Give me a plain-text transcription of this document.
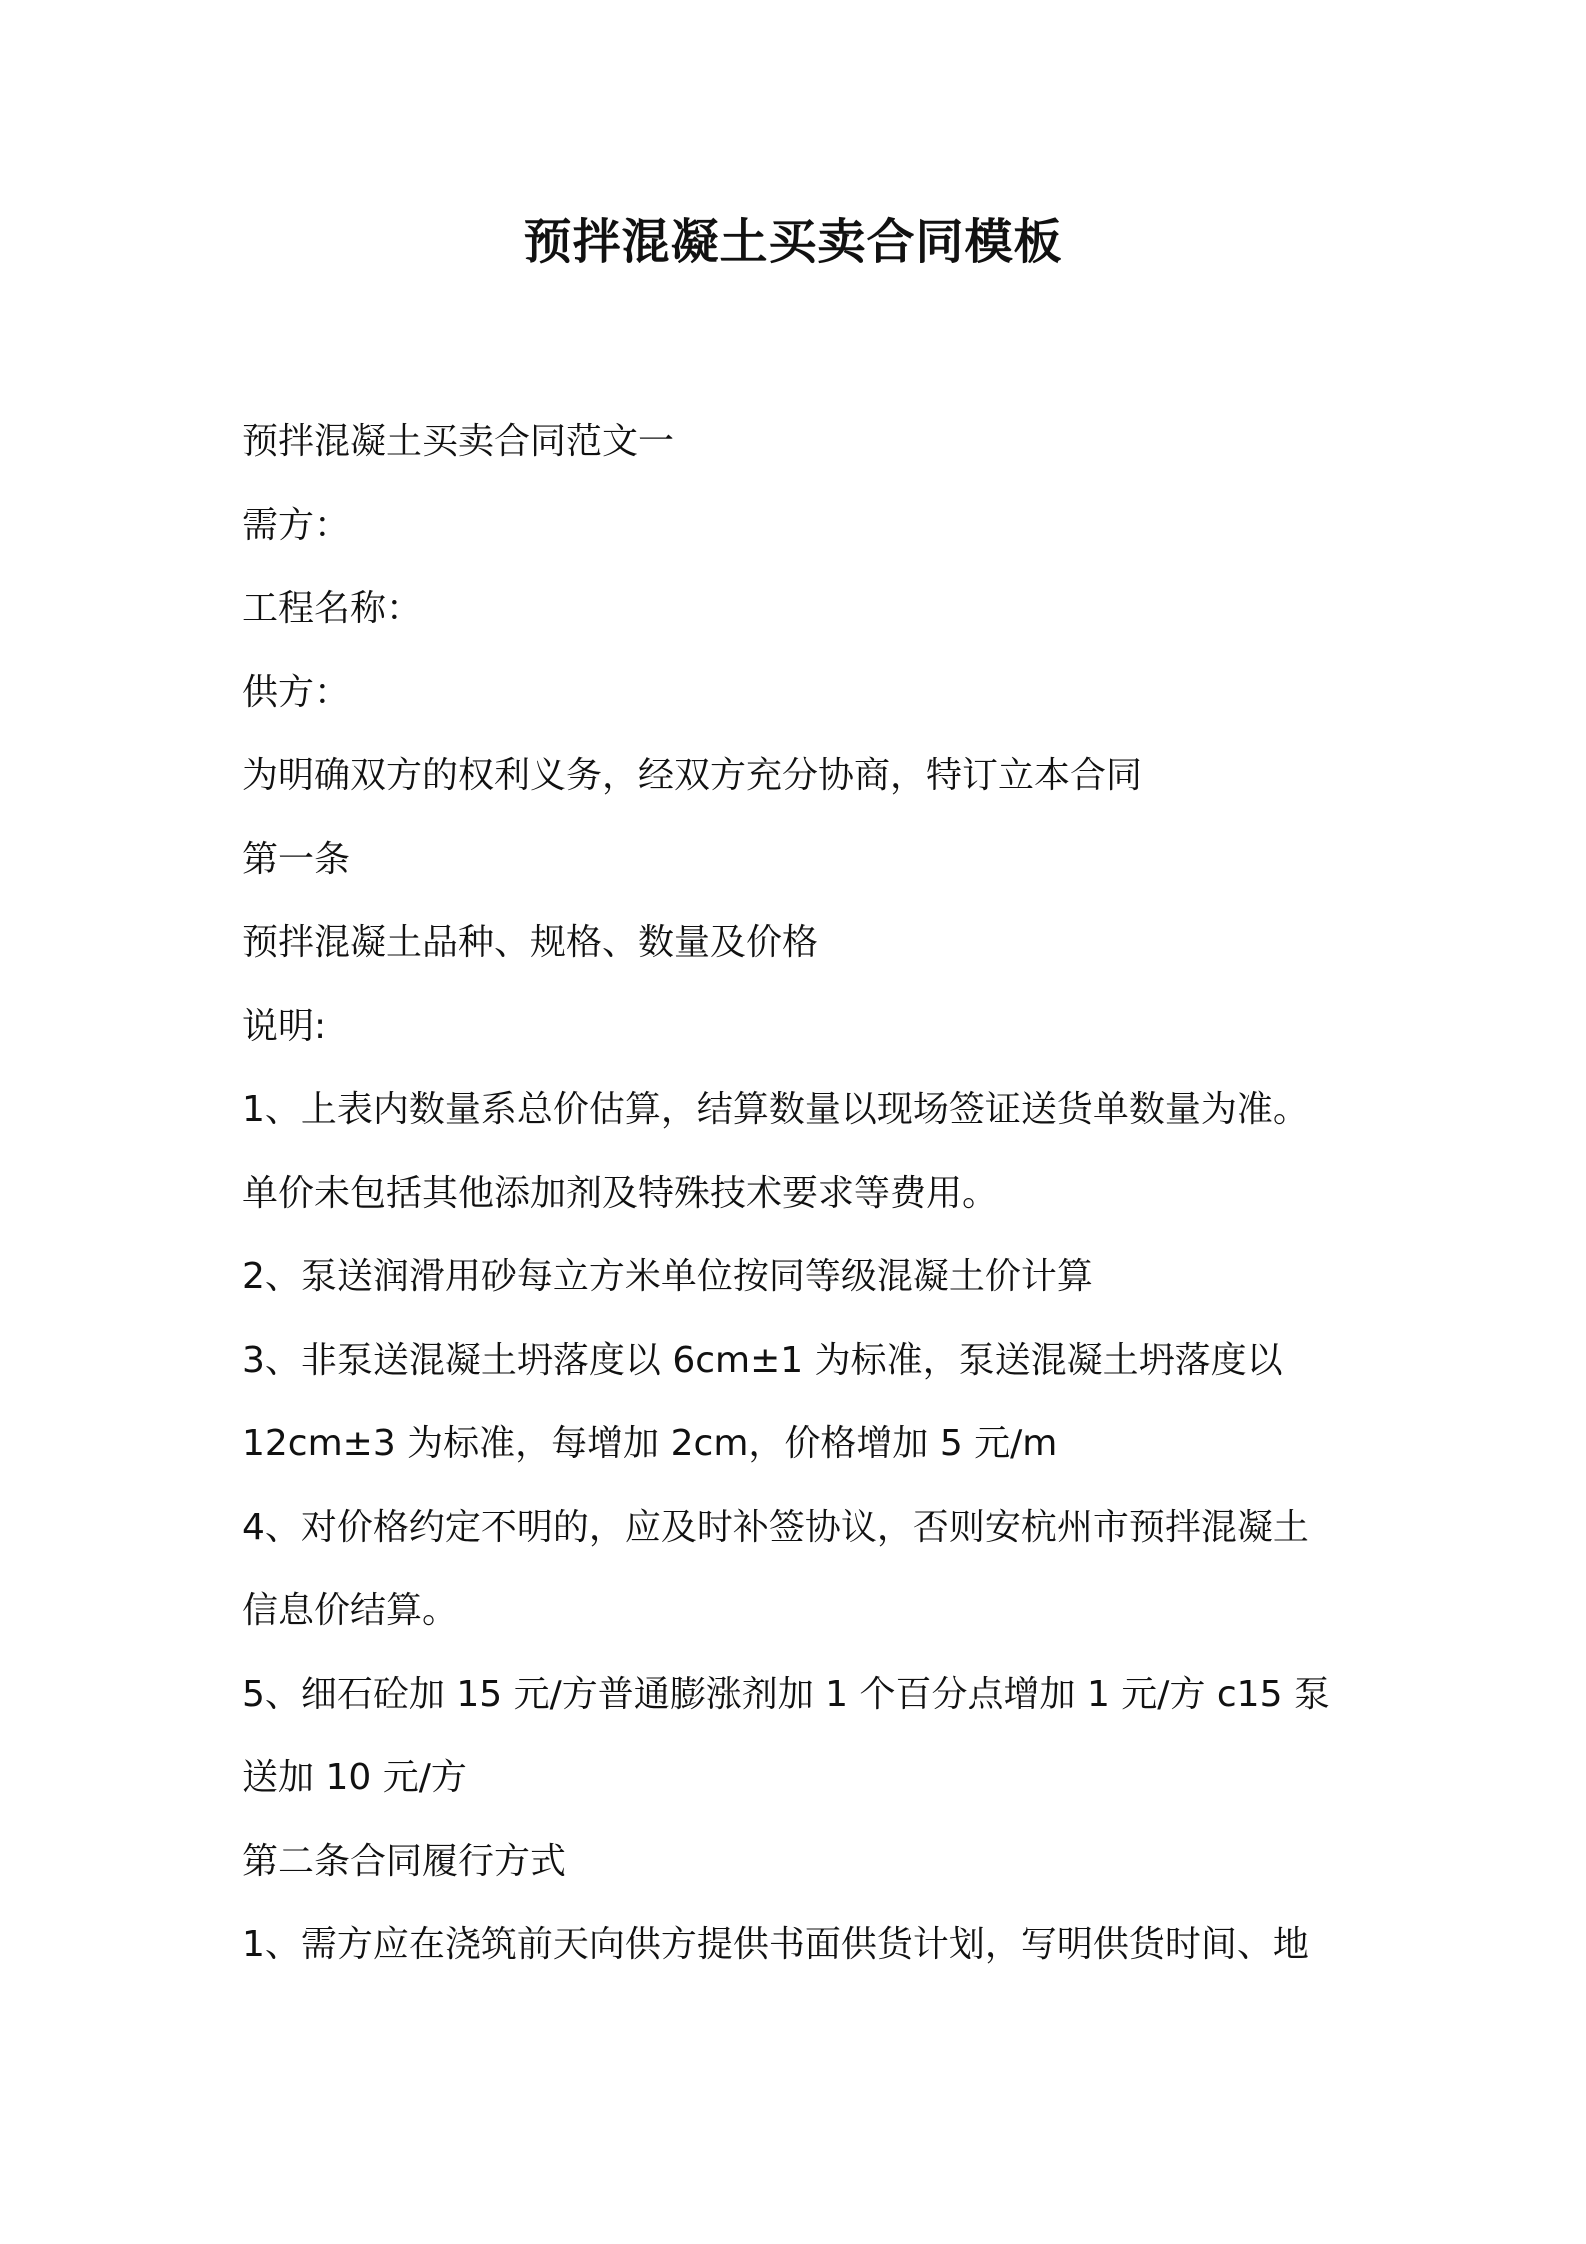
预拌混凝土买卖合同模板
预拌混凝土买卖合同范文一
需方：
工程名称：
供方：
为明确双方的权利义务，经双方充分协商，特订立本合同
第一条
预拌混凝土品种、规格、数量及价格
说明:
1、上表内数量系总价估算，结算数量以现场签证送货单数量为准。
单价未包括其他添加剂及特殊技术要求等费用。
2、泵送润滑用砂每立方米单位按同等级混凝土价计算
3、非泵送混凝土坍落度以 6cm±1 为标准，泵送混凝土坍落度以
12cm±3 为标准，每增加 2cm，价格增加 5 元/m
4、对价格约定不明的，应及时补签协议，否则安杭州市预拌混凝土
信息价结算。
5、细石砼加 15 元/方普通膨涨剂加 1 个百分点增加 1 元/方 c15 泵
送加 10 元/方
第二条合同履行方式
1、需方应在浇筑前天向供方提供书面供货计划，写明供货时间、地
